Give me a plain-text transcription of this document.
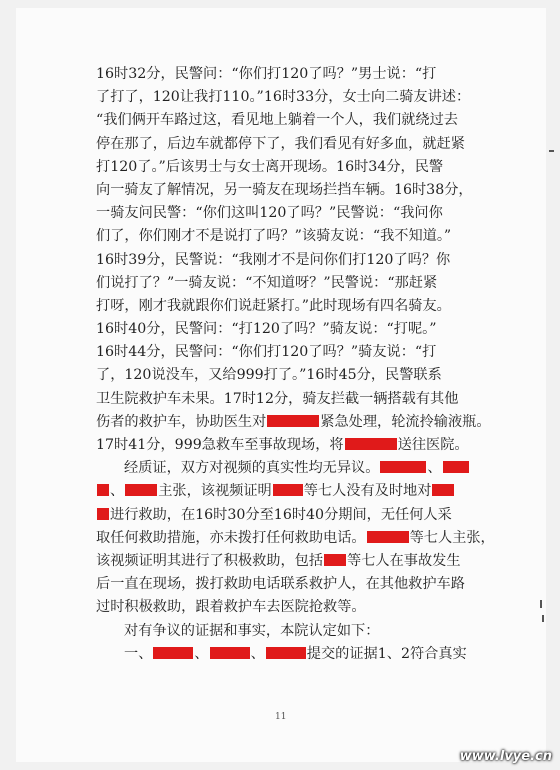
16时32分，民警问：“你们打120了吗？”男士说：“打
了打了，120让我打110。”16时33分，女士向二骑友讲述：
“我们俩开车路过这，看见地上躺着一个人，我们就绕过去
停在那了，后边车就都停下了，我们看见有好多血，就赶紧
打120了。”后该男士与女士离开现场。16时34分，民警
向一骑友了解情况，另一骑友在现场拦挡车辆。16时38分，
一骑友问民警：“你们这叫120了吗？”民警说：“我问你
们了，你们刚才不是说打了吗？”该骑友说：“我不知道。”
16时39分，民警说：“我刚才不是问你们打120了吗？你
们说打了？”一骑友说：“不知道呀？”民警说：“那赶紧
打呀，刚才我就跟你们说赶紧打。”此时现场有四名骑友。
16时40分，民警问：“打120了吗？”骑友说：“打呢。”
16时44分，民警问：“你们打120了吗？”骑友说：“打
了，120说没车，又给999打了。”16时45分，民警联系
卫生院救护车未果。17时12分，骑友拦截一辆搭载有其他
伤者的救护车，协助医生对	紧急处理，轮流拎输液瓶。
17时41分，999急救车至事故现场，将	送往医院。
经质证，双方对视频的真实性均无异议。	、
、 主张，该视频证明 等七人没有及时地对
进行救助，在16时30分至16时40分期间，无任何人采
取任何救助措施，亦未拨打任何救助电话。	等七人主张，
该视频证明其进行了积极救助，包括 等七人在事故发生
后一直在现场，拨打救助电话联系救护人，在其他救护车路
过时积极救助，跟着救护车去医院抢救等。
对有争议的证据和事实，本院认定如下：
一、	、	、	提交的证据1、2符合真实
11
www.lvye.cn
